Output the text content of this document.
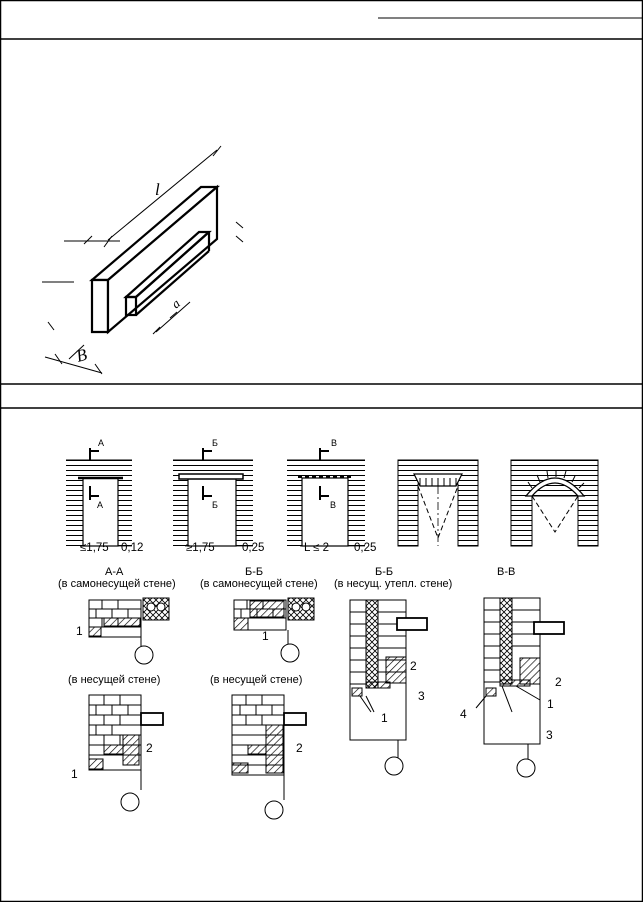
l
B
a
А
А
≤1,75 0,12
Б
Б
≥1,75 0,25
В
В
L ≤ 2 0,25
А-А
(в самонесущей стене)
Б-Б
(в самонесущей стене)
Б-Б
(в несущ. утепл. стене)
В-В
(в несущей стене)	(в несущей стене)
1	1
1
2	2
2
3
1
2
1
3
4
